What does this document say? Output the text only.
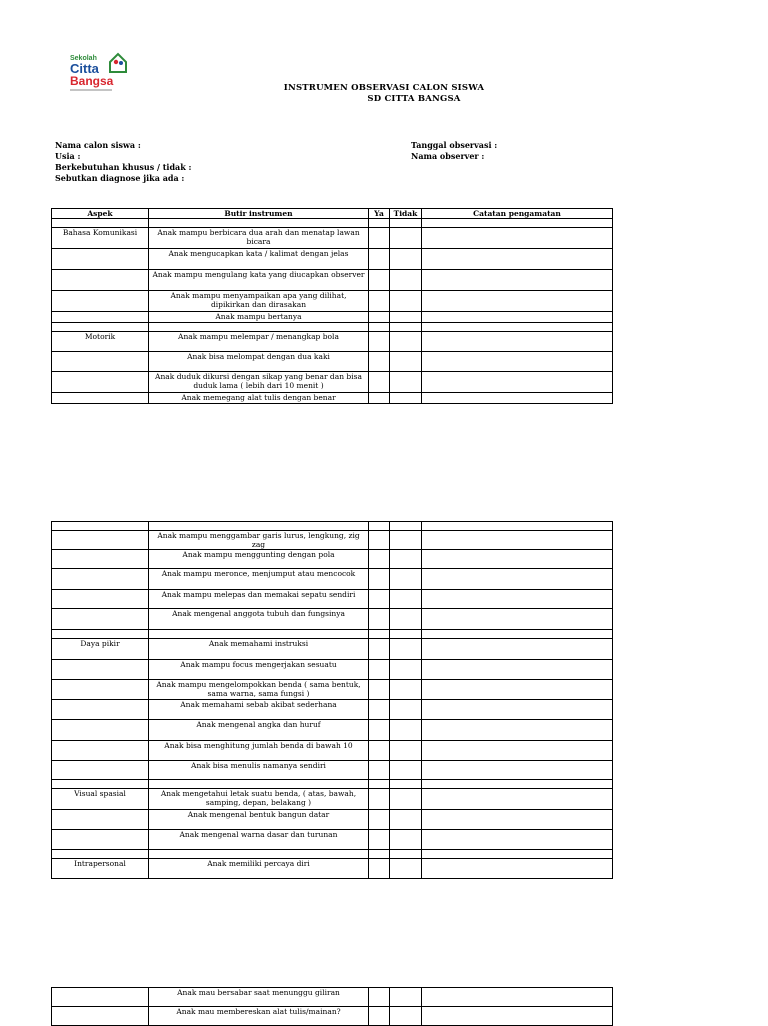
Sekolah
Citta
Bangsa	INSTRUMEN OBSERVASI CALON SISWA
SD CITTA BANGSA
Nama calon siswa :
Usia :
Berkebutuhan khusus / tidak :
Sebutkan diagnose jika ada :
Tanggal observasi :
Nama observer :
Aspek	Butir instrumen	Ya	Tidak	Catatan pengamatan

Bahasa Komunikasi	Anak mampu berbicara dua arah dan menatap lawan bicara			
	Anak mengucapkan kata / kalimat dengan jelas			
	Anak mampu mengulang kata yang diucapkan observer			
	Anak mampu menyampaikan apa yang dilihat, dipikirkan dan dirasakan			
	Anak mampu bertanya			

Motorik	Anak mampu melempar / menangkap bola			
	Anak bisa melompat dengan dua kaki			
	Anak duduk dikursi dengan sikap yang benar dan bisa duduk lama ( lebih dari 10 menit )			
	Anak memegang alat tulis dengan benar			

	Anak mampu menggambar garis lurus, lengkung, zig zag			
	Anak mampu menggunting dengan pola			
	Anak mampu meronce, menjumput atau mencocok			
	Anak mampu melepas dan memakai sepatu sendiri			
	Anak mengenal anggota tubuh dan fungsinya			

Daya pikir	Anak memahami instruksi			
	Anak mampu focus mengerjakan sesuatu			
	Anak mampu mengelompokkan benda ( sama bentuk, sama warna, sama fungsi )			
	Anak memahami sebab akibat sederhana			
	Anak mengenal angka dan huruf			
	Anak bisa menghitung jumlah benda di bawah 10			
	Anak bisa menulis namanya sendiri			

Visual spasial	Anak mengetahui letak suatu benda, ( atas, bawah, samping, depan, belakang )			
	Anak mengenal bentuk bangun datar			
	Anak mengenal warna dasar dan turunan			

Intrapersonal	Anak memiliki percaya diri			
	Anak mau bersabar saat menunggu giliran			
	Anak mau membereskan alat tulis/mainan?			
